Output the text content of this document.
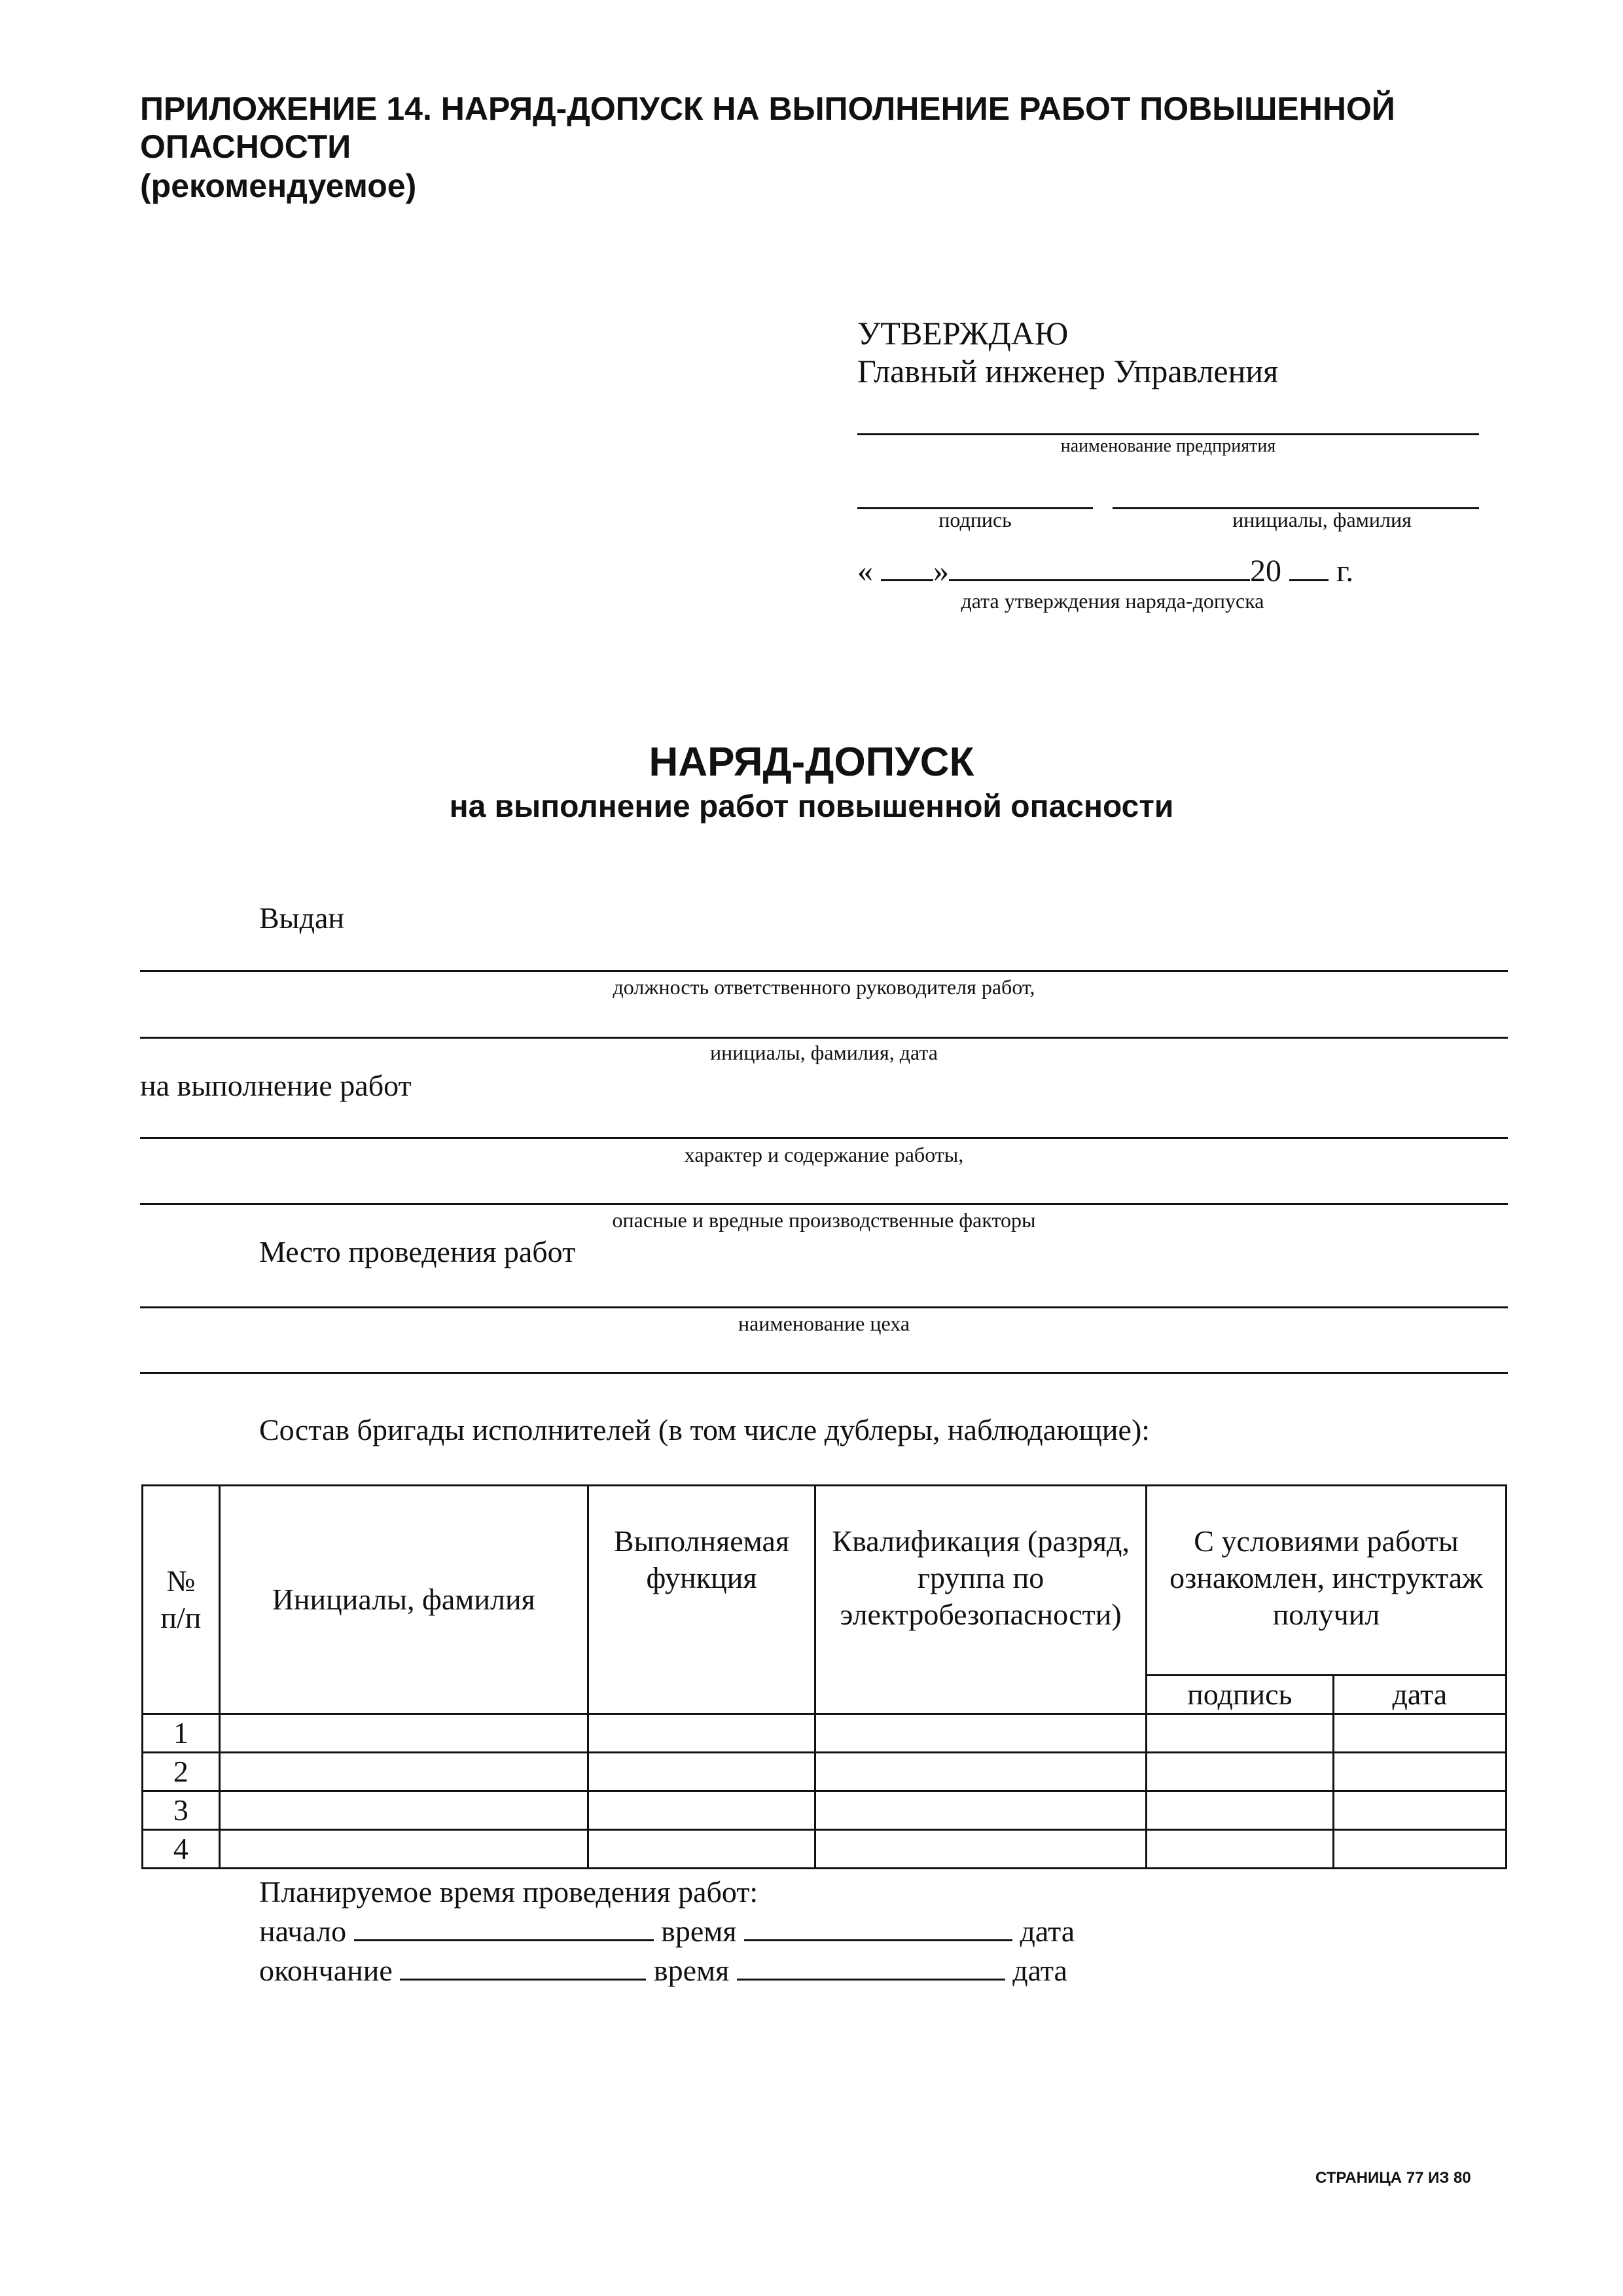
ПРИЛОЖЕНИЕ 14. НАРЯД-ДОПУСК НА ВЫПОЛНЕНИЕ РАБОТ ПОВЫШЕННОЙ
ОПАСНОСТИ
(рекомендуемое)
УТВЕРЖДАЮ
Главный инженер Управления
наименование предприятия
подпись	инициалы, фамилия
« »	20 г.
дата утверждения наряда-допуска
НАРЯД-ДОПУСК
на выполнение работ повышенной опасности
Выдан
должность ответственного руководителя работ,
инициалы, фамилия, дата
на выполнение работ
характер и содержание работы,
опасные и вредные производственные факторы
Место проведения работ
наименование цеха
Состав бригады исполнителей (в том числе дублеры, наблюдающие):
№ п/п	Инициалы, фамилия	Выполняемая функция	Квалификация (разряд, группа по электробезопасности)	С условиями работы ознакомлен, инструктаж получил	
				подпись	дата
1					
2					
3					
4					
Планируемое время проведения работ:
начало	время	дата
окончание	время	дата
СТРАНИЦА 77 ИЗ 80
